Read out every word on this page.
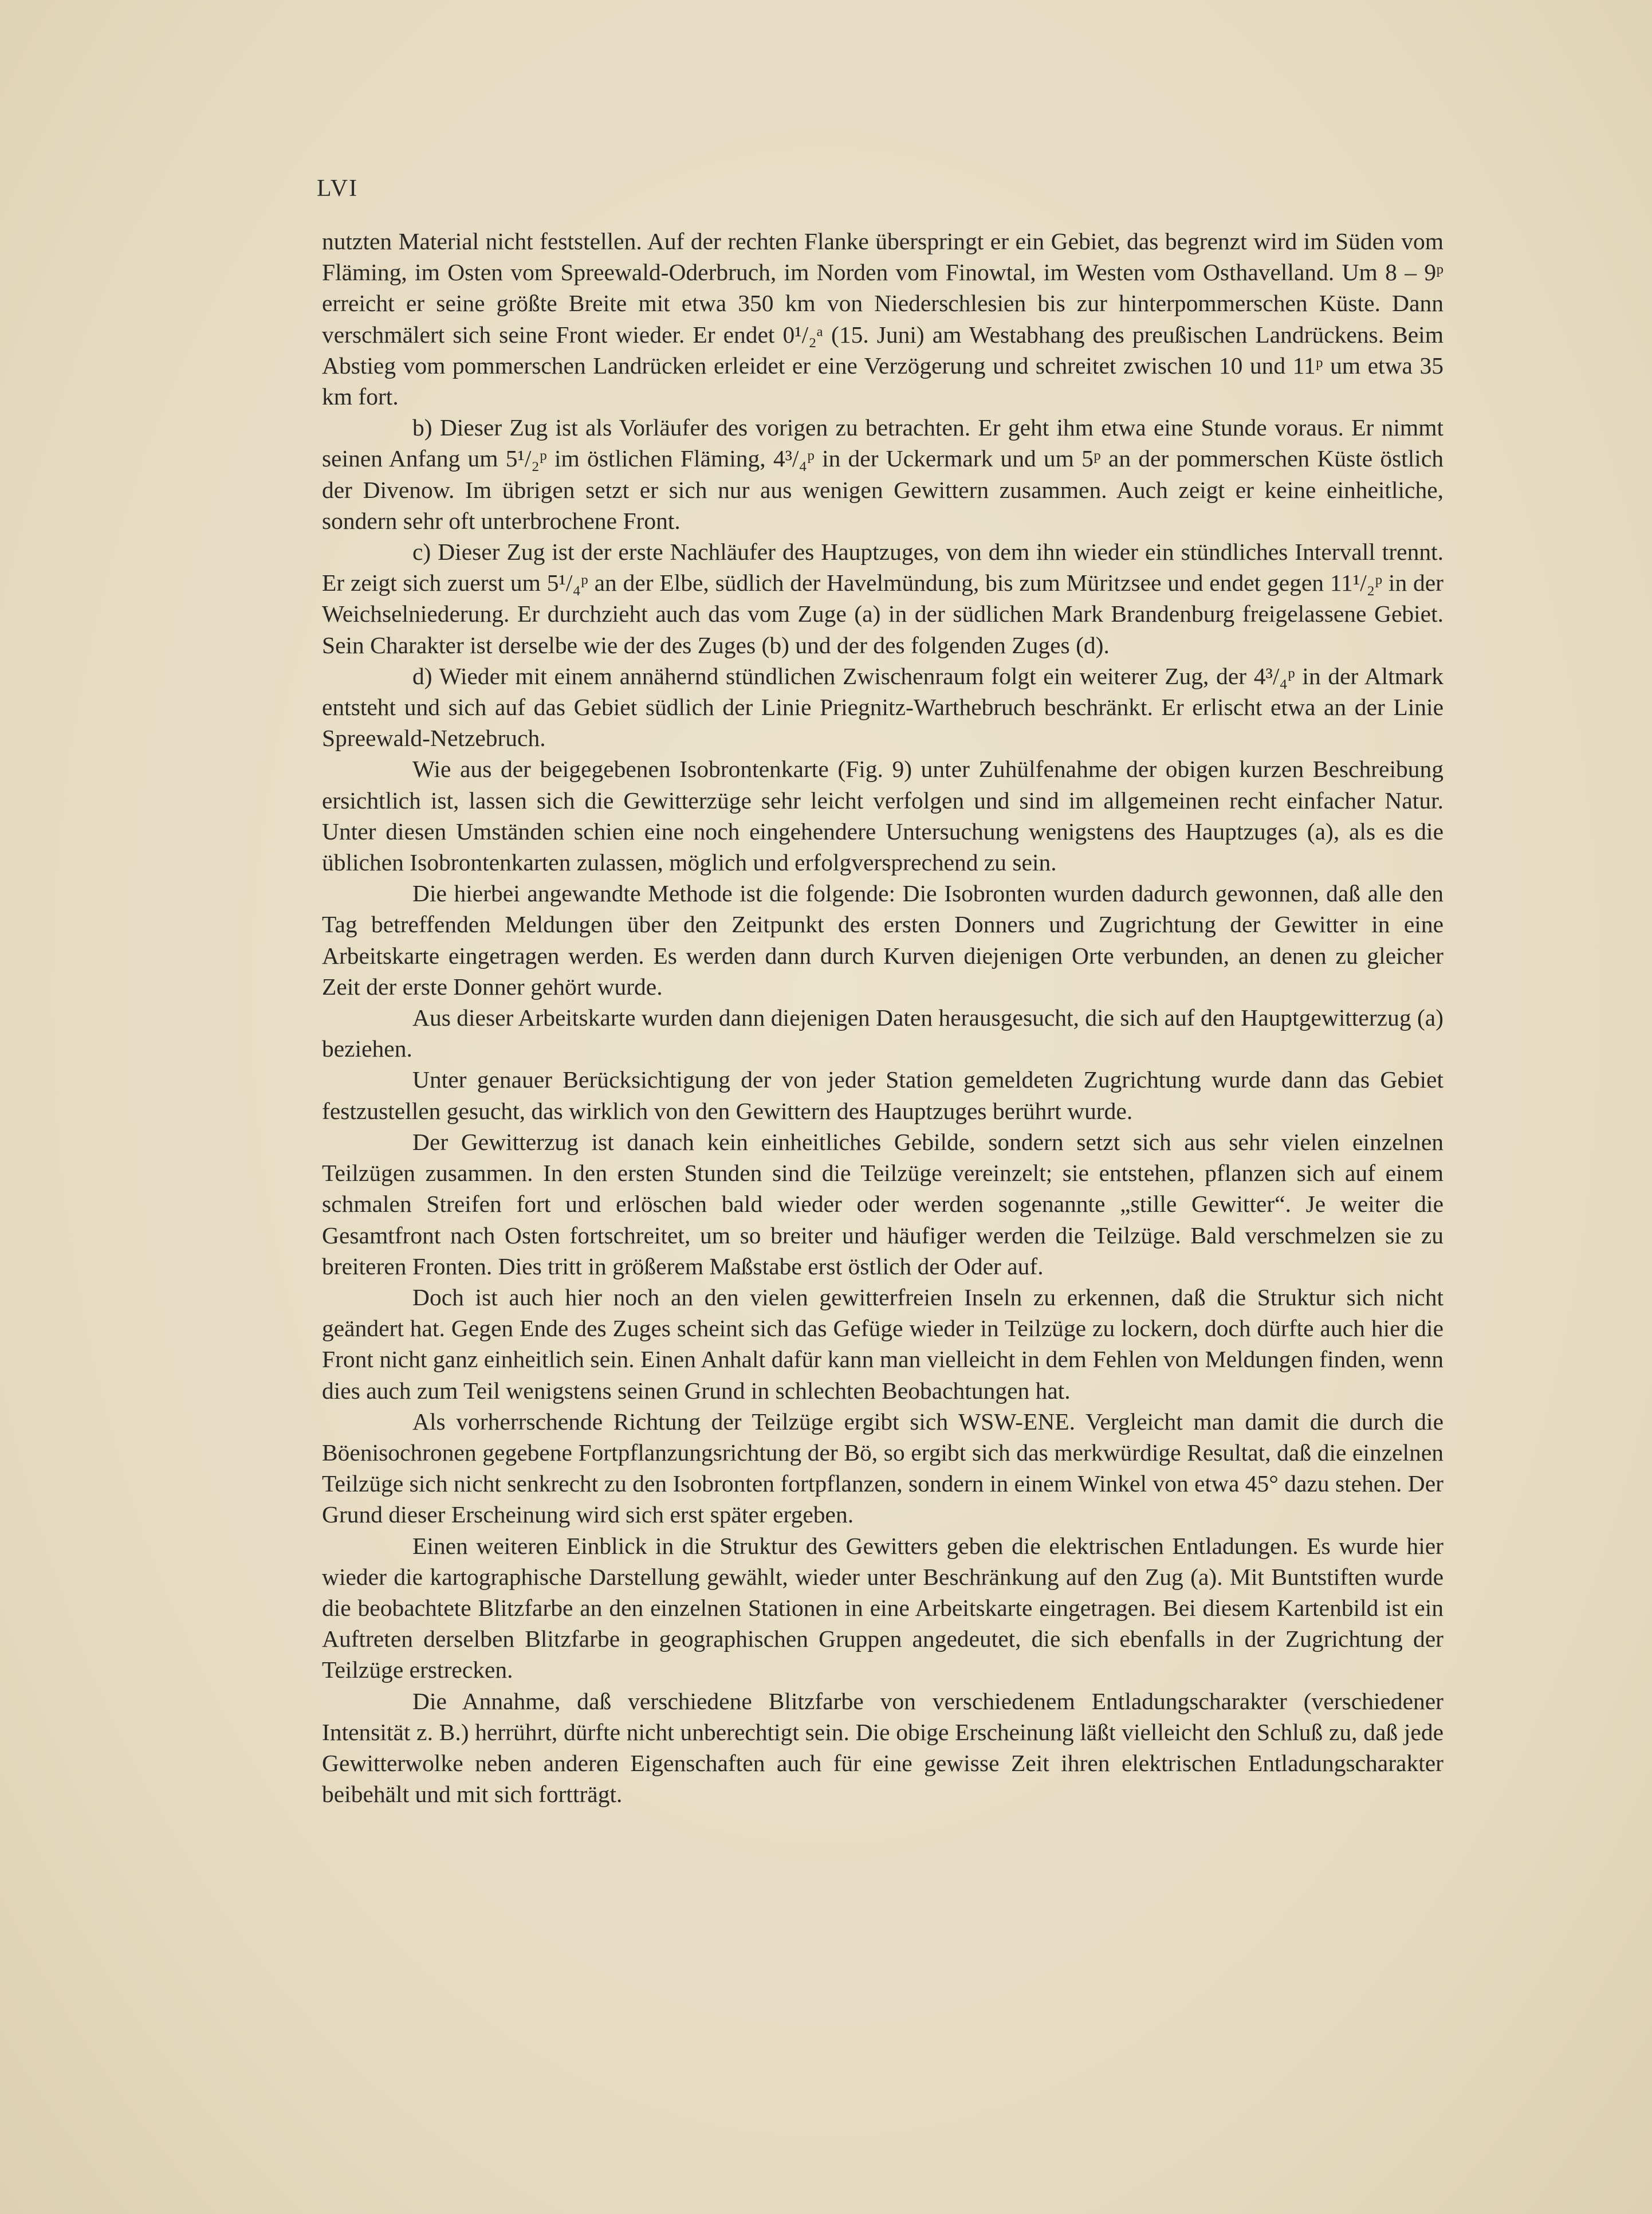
LVI

nutzten Material nicht feststellen. Auf der rechten Flanke überspringt er ein Gebiet, das begrenzt wird im Süden vom Fläming, im Osten vom Spreewald-Oderbruch, im Norden vom Finowtal, im Westen vom Osthavelland. Um 8 – 9ᵖ erreicht er seine größte Breite mit etwa 350 km von Niederschlesien bis zur hinterpommerschen Küste. Dann verschmälert sich seine Front wieder. Er endet 0¹/₂ᵃ (15. Juni) am Westabhang des preußischen Landrückens. Beim Abstieg vom pommerschen Landrücken erleidet er eine Verzögerung und schreitet zwischen 10 und 11ᵖ um etwa 35 km fort.

b) Dieser Zug ist als Vorläufer des vorigen zu betrachten. Er geht ihm etwa eine Stunde voraus. Er nimmt seinen Anfang um 5¹/₂ᵖ im östlichen Fläming, 4³/₄ᵖ in der Uckermark und um 5ᵖ an der pommerschen Küste östlich der Divenow. Im übrigen setzt er sich nur aus wenigen Gewittern zusammen. Auch zeigt er keine einheitliche, sondern sehr oft unterbrochene Front.

c) Dieser Zug ist der erste Nachläufer des Hauptzuges, von dem ihn wieder ein stündliches Intervall trennt. Er zeigt sich zuerst um 5¹/₄ᵖ an der Elbe, südlich der Havelmündung, bis zum Müritzsee und endet gegen 11¹/₂ᵖ in der Weichselniederung. Er durchzieht auch das vom Zuge (a) in der südlichen Mark Brandenburg freigelassene Gebiet. Sein Charakter ist derselbe wie der des Zuges (b) und der des folgenden Zuges (d).

d) Wieder mit einem annähernd stündlichen Zwischenraum folgt ein weiterer Zug, der 4³/₄ᵖ in der Altmark entsteht und sich auf das Gebiet südlich der Linie Priegnitz-Warthebruch beschränkt. Er erlischt etwa an der Linie Spreewald-Netzebruch.

Wie aus der beigegebenen Isobrontenkarte (Fig. 9) unter Zuhülfenahme der obigen kurzen Beschreibung ersichtlich ist, lassen sich die Gewitterzüge sehr leicht verfolgen und sind im allgemeinen recht einfacher Natur. Unter diesen Umständen schien eine noch eingehendere Untersuchung wenigstens des Hauptzuges (a), als es die üblichen Isobrontenkarten zulassen, möglich und erfolgversprechend zu sein.

Die hierbei angewandte Methode ist die folgende: Die Isobronten wurden dadurch gewonnen, daß alle den Tag betreffenden Meldungen über den Zeitpunkt des ersten Donners und Zugrichtung der Gewitter in eine Arbeitskarte eingetragen werden. Es werden dann durch Kurven diejenigen Orte verbunden, an denen zu gleicher Zeit der erste Donner gehört wurde.

Aus dieser Arbeitskarte wurden dann diejenigen Daten herausgesucht, die sich auf den Hauptgewitterzug (a) beziehen.

Unter genauer Berücksichtigung der von jeder Station gemeldeten Zugrichtung wurde dann das Gebiet festzustellen gesucht, das wirklich von den Gewittern des Hauptzuges berührt wurde.

Der Gewitterzug ist danach kein einheitliches Gebilde, sondern setzt sich aus sehr vielen einzelnen Teilzügen zusammen. In den ersten Stunden sind die Teilzüge vereinzelt; sie entstehen, pflanzen sich auf einem schmalen Streifen fort und erlöschen bald wieder oder werden sogenannte „stille Gewitter“. Je weiter die Gesamtfront nach Osten fortschreitet, um so breiter und häufiger werden die Teilzüge. Bald verschmelzen sie zu breiteren Fronten. Dies tritt in größerem Maßstabe erst östlich der Oder auf.

Doch ist auch hier noch an den vielen gewitterfreien Inseln zu erkennen, daß die Struktur sich nicht geändert hat. Gegen Ende des Zuges scheint sich das Gefüge wieder in Teilzüge zu lockern, doch dürfte auch hier die Front nicht ganz einheitlich sein. Einen Anhalt dafür kann man vielleicht in dem Fehlen von Meldungen finden, wenn dies auch zum Teil wenigstens seinen Grund in schlechten Beobachtungen hat.

Als vorherrschende Richtung der Teilzüge ergibt sich WSW-ENE. Vergleicht man damit die durch die Böenisochronen gegebene Fortpflanzungsrichtung der Bö, so ergibt sich das merkwürdige Resultat, daß die einzelnen Teilzüge sich nicht senkrecht zu den Isobronten fortpflanzen, sondern in einem Winkel von etwa 45° dazu stehen. Der Grund dieser Erscheinung wird sich erst später ergeben.

Einen weiteren Einblick in die Struktur des Gewitters geben die elektrischen Entladungen. Es wurde hier wieder die kartographische Darstellung gewählt, wieder unter Beschränkung auf den Zug (a). Mit Buntstiften wurde die beobachtete Blitzfarbe an den einzelnen Stationen in eine Arbeitskarte eingetragen. Bei diesem Kartenbild ist ein Auftreten derselben Blitzfarbe in geographischen Gruppen angedeutet, die sich ebenfalls in der Zugrichtung der Teilzüge erstrecken.

Die Annahme, daß verschiedene Blitzfarbe von verschiedenem Entladungscharakter (verschiedener Intensität z. B.) herrührt, dürfte nicht unberechtigt sein. Die obige Erscheinung läßt vielleicht den Schluß zu, daß jede Gewitterwolke neben anderen Eigenschaften auch für eine gewisse Zeit ihren elektrischen Entladungscharakter beibehält und mit sich fortträgt.
